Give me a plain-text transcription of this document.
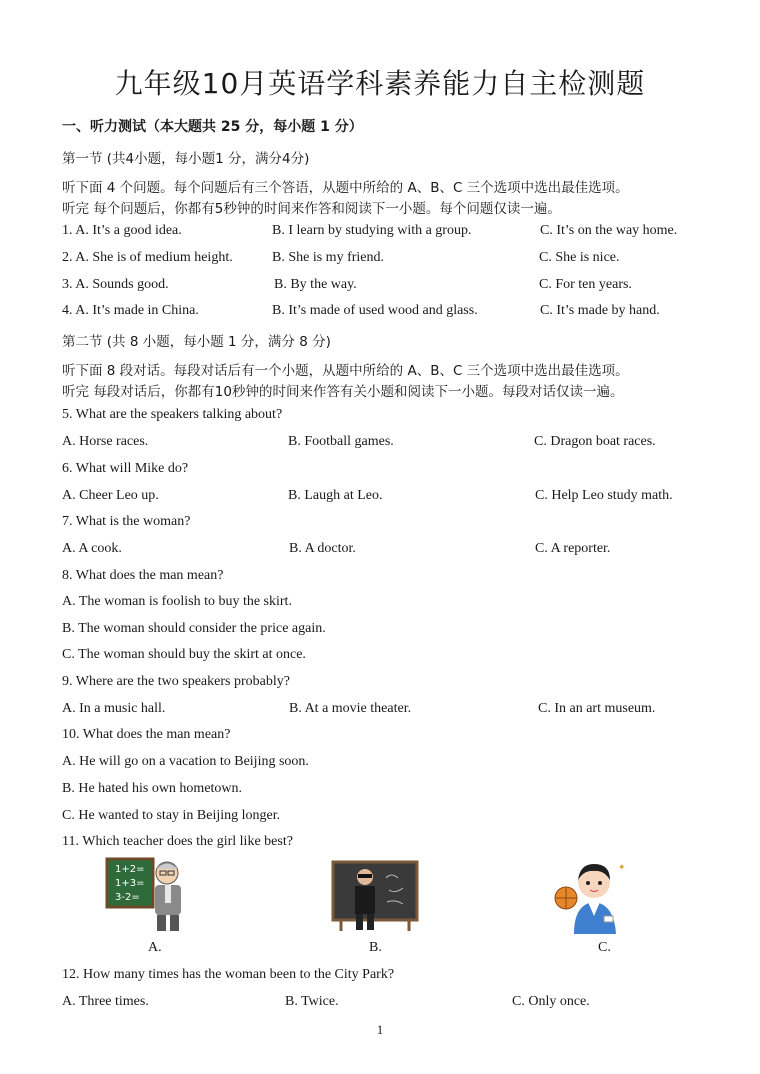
九年级10月英语学科素养能力自主检测题
一、听力测试（本大题共 25 分，每小题 1 分）
第一节 (共4小题，每小题1 分，满分4分)
听下面 4 个问题。每个问题后有三个答语，从题中所给的 A、B、C 三个选项中选出最佳选项。
听完 每个问题后，你都有5秒钟的时间来作答和阅读下一小题。每个问题仅读一遍。
1. A. It’s a good idea.	B. I learn by studying with a group.	C. It’s on the way home.
2. A. She is of medium height.	B. She is my friend.	C. She is nice.
3. A. Sounds good.	B. By the way.	C. For ten years.
4. A. It’s made in China.	B. It’s made of used wood and glass.	C. It’s made by hand.
第二节 (共 8 小题，每小题 1 分，满分 8 分)
听下面 8 段对话。每段对话后有一个小题，从题中所给的 A、B、C 三个选项中选出最佳选项。
听完 每段对话后，你都有10秒钟的时间来作答有关小题和阅读下一小题。每段对话仅读一遍。
5. What are the speakers talking about?
A. Horse races.	B. Football games.	C. Dragon boat races.
6. What will Mike do?
A. Cheer Leo up.	B. Laugh at Leo.	C. Help Leo study math.
7. What is the woman?
A. A cook.	B. A doctor.	C. A reporter.
8. What does the man mean?
A. The woman is foolish to buy the skirt.
B. The woman should consider the price again.
C. The woman should buy the skirt at once.
9. Where are the two speakers probably?
A. In a music hall.	B. At a movie theater.	C. In an art museum.
10. What does the man mean?
A. He will go on a vacation to Beijing soon.
B. He hated his own hometown.
C. He wanted to stay in Beijing longer.
11. Which teacher does the girl like best?
1+2=
1+3=
3-2=
✦
A.	B.	C.
12. How many times has the woman been to the City Park?
A. Three times.	B. Twice.	C. Only once.
1
